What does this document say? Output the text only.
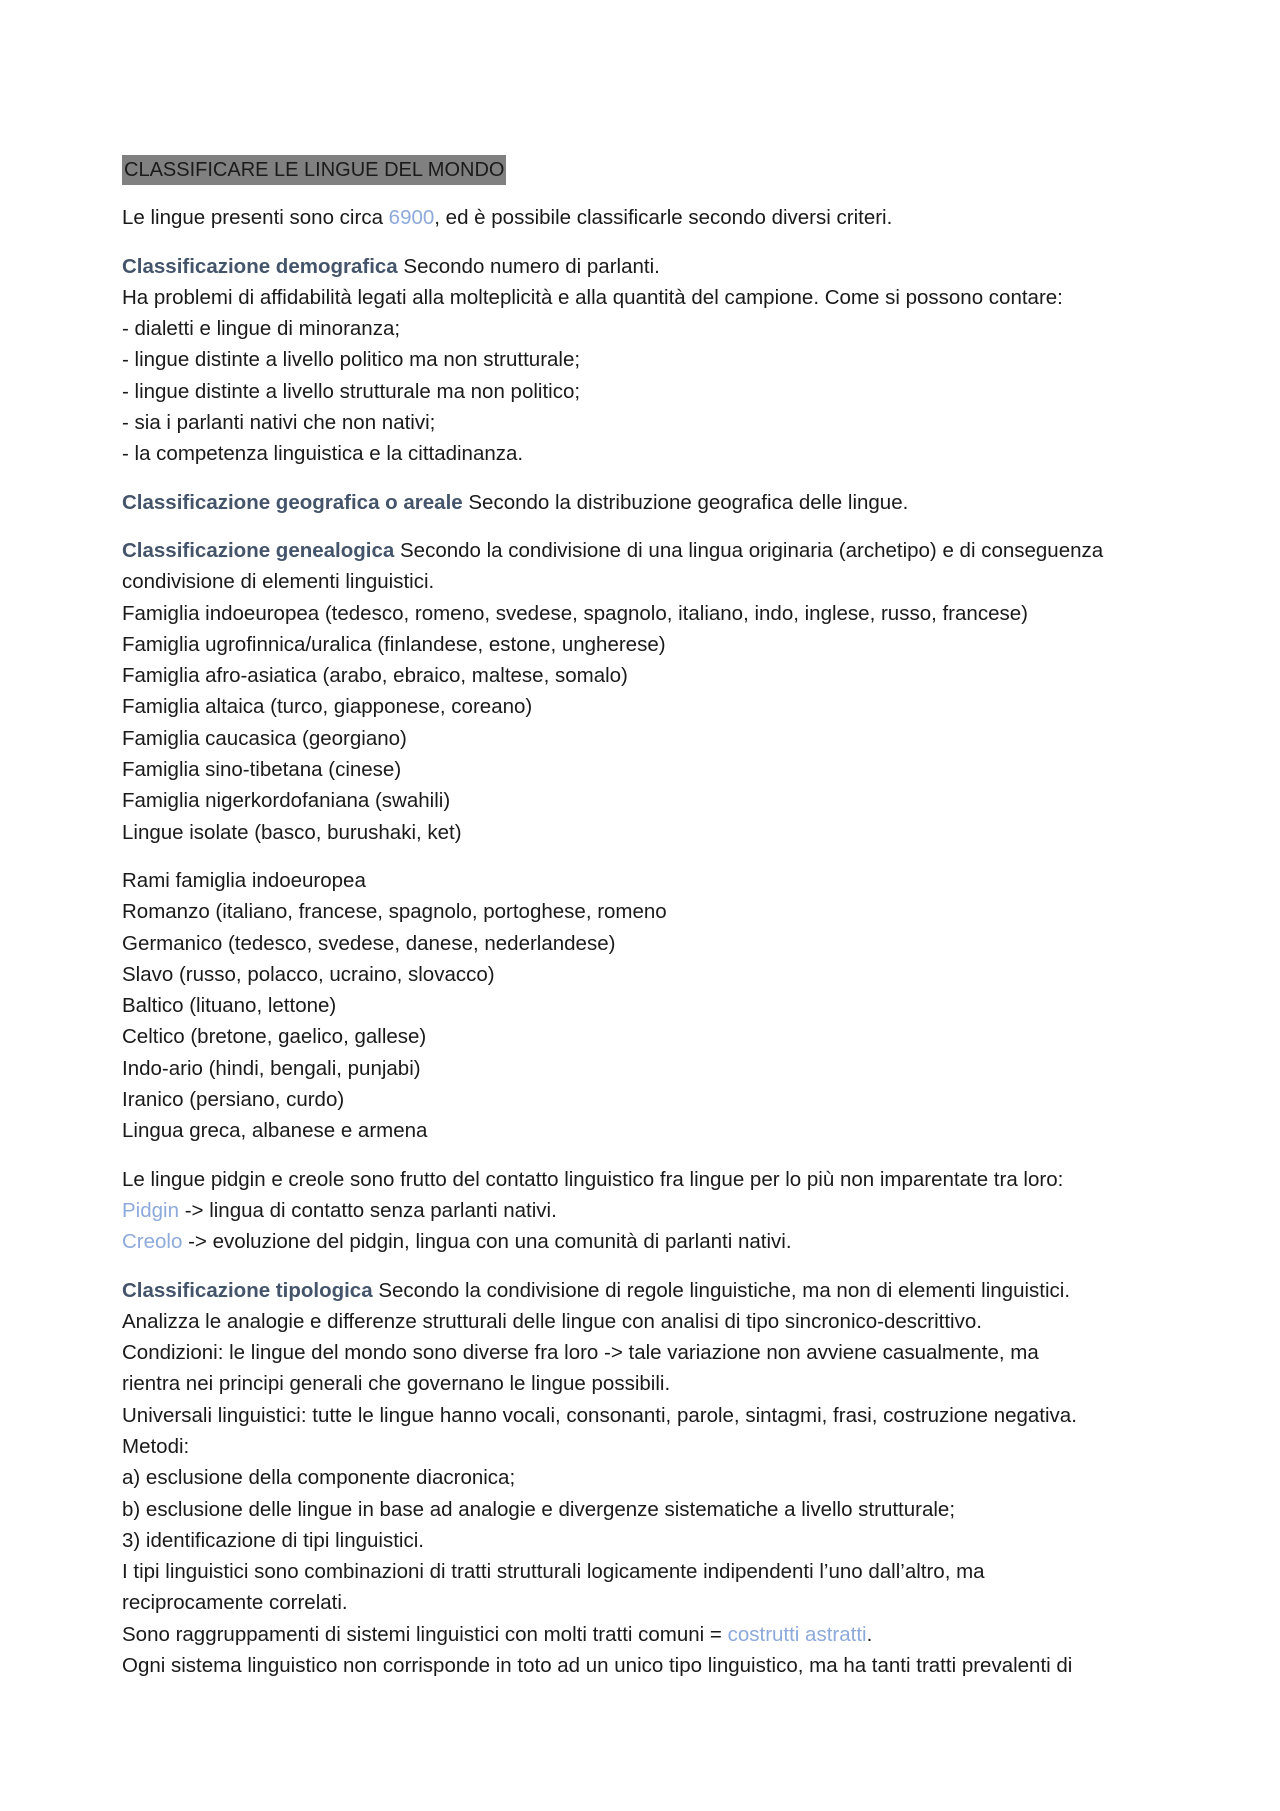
CLASSIFICARE LE LINGUE DEL MONDO

Le lingue presenti sono circa 6900, ed è possibile classificarle secondo diversi criteri.

Classificazione demografica Secondo numero di parlanti.
Ha problemi di affidabilità legati alla molteplicità e alla quantità del campione. Come si possono contare:
- dialetti e lingue di minoranza;
- lingue distinte a livello politico ma non strutturale;
- lingue distinte a livello strutturale ma non politico;
- sia i parlanti nativi che non nativi;
- la competenza linguistica e la cittadinanza.

Classificazione geografica o areale Secondo la distribuzione geografica delle lingue.

Classificazione genealogica Secondo la condivisione di una lingua originaria (archetipo) e di conseguenza
condivisione di elementi linguistici.
Famiglia indoeuropea (tedesco, romeno, svedese, spagnolo, italiano, indo, inglese, russo, francese)
Famiglia ugrofinnica/uralica (finlandese, estone, ungherese)
Famiglia afro-asiatica (arabo, ebraico, maltese, somalo)
Famiglia altaica (turco, giapponese, coreano)
Famiglia caucasica (georgiano)
Famiglia sino-tibetana (cinese)
Famiglia nigerkordofaniana (swahili)
Lingue isolate (basco, burushaki, ket)

Rami famiglia indoeuropea
Romanzo (italiano, francese, spagnolo, portoghese, romeno
Germanico (tedesco, svedese, danese, nederlandese)
Slavo (russo, polacco, ucraino, slovacco)
Baltico (lituano, lettone)
Celtico (bretone, gaelico, gallese)
Indo-ario (hindi, bengali, punjabi)
Iranico (persiano, curdo)
Lingua greca, albanese e armena

Le lingue pidgin e creole sono frutto del contatto linguistico fra lingue per lo più non imparentate tra loro:
Pidgin -> lingua di contatto senza parlanti nativi.
Creolo -> evoluzione del pidgin, lingua con una comunità di parlanti nativi.

Classificazione tipologica Secondo la condivisione di regole linguistiche, ma non di elementi linguistici.
Analizza le analogie e differenze strutturali delle lingue con analisi di tipo sincronico-descrittivo.
Condizioni: le lingue del mondo sono diverse fra loro -> tale variazione non avviene casualmente, ma
rientra nei principi generali che governano le lingue possibili.
Universali linguistici: tutte le lingue hanno vocali, consonanti, parole, sintagmi, frasi, costruzione negativa.
Metodi:
a) esclusione della componente diacronica;
b) esclusione delle lingue in base ad analogie e divergenze sistematiche a livello strutturale;
3) identificazione di tipi linguistici.
I tipi linguistici sono combinazioni di tratti strutturali logicamente indipendenti l’uno dall’altro, ma
reciprocamente correlati.
Sono raggruppamenti di sistemi linguistici con molti tratti comuni = costrutti astratti.
Ogni sistema linguistico non corrisponde in toto ad un unico tipo linguistico, ma ha tanti tratti prevalenti di
